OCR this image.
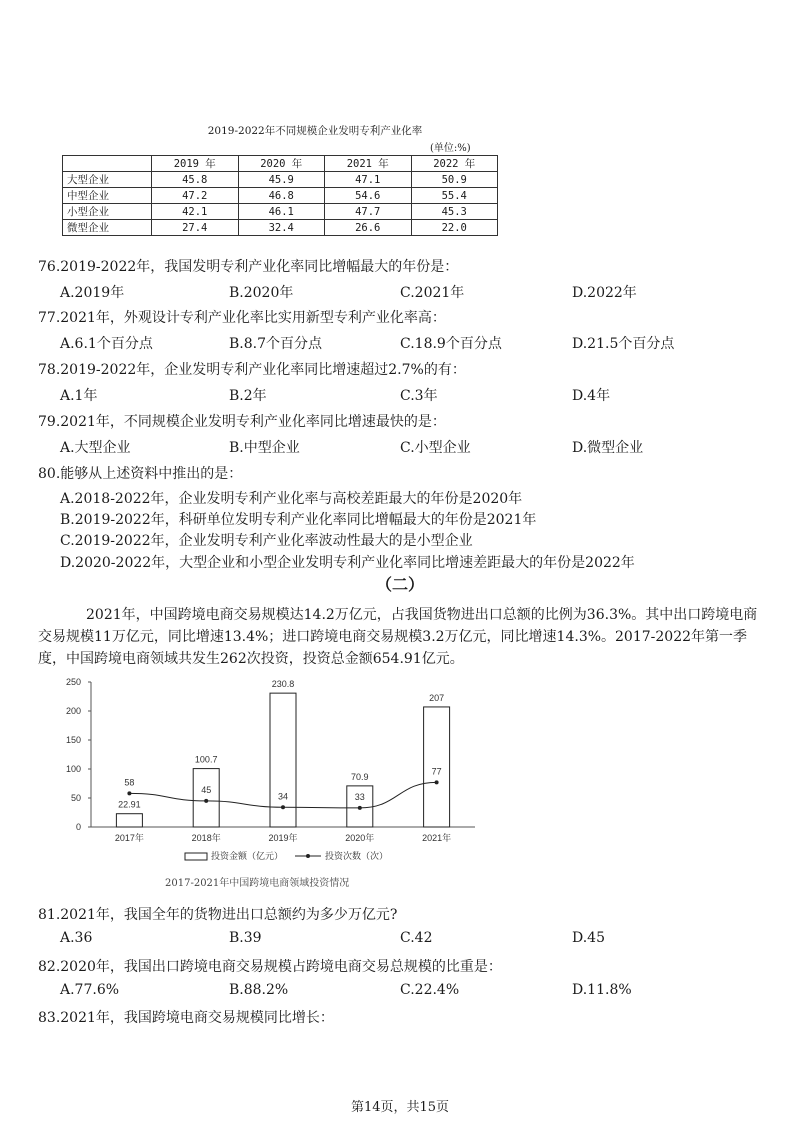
2019-2022年不同规模企业发明专利产业化率
(单位:%)
	2019 年	2020 年	2021 年	2022 年
大型企业	45.8	45.9	47.1	50.9
中型企业	47.2	46.8	54.6	55.4
小型企业	42.1	46.1	47.7	45.3
微型企业	27.4	32.4	26.6	22.0
76.2019-2022年，我国发明专利产业化率同比增幅最大的年份是：
A.2019年	B.2020年	C.2021年	D.2022年
77.2021年，外观设计专利产业化率比实用新型专利产业化率高：
A.6.1个百分点	B.8.7个百分点	C.18.9个百分点	D.21.5个百分点
78.2019-2022年，企业发明专利产业化率同比增速超过2.7%的有：
A.1年	B.2年	C.3年	D.4年
79.2021年，不同规模企业发明专利产业化率同比增速最快的是：
A.大型企业	B.中型企业	C.小型企业	D.微型企业
80.能够从上述资料中推出的是：
A.2018-2022年，企业发明专利产业化率与高校差距最大的年份是2020年
B.2019-2022年，科研单位发明专利产业化率同比增幅最大的年份是2021年
C.2019-2022年，企业发明专利产业化率波动性最大的是小型企业
D.2020-2022年，大型企业和小型企业发明专利产业化率同比增速差距最大的年份是2022年
（二）
2021年，中国跨境电商交易规模达14.2万亿元，占我国货物进出口总额的比例为36.3%。其中出口跨境电商
交易规模11万亿元，同比增速13.4%；进口跨境电商交易规模3.2万亿元，同比增速14.3%。2017-2022年第一季
度，中国跨境电商领域共发生262次投资，投资总金额654.91亿元。
0
50
100
150
200
250
2017年	2018年	2019年	2020年	2021年
22.91
100.7
230.8
70.9
207
58
45
34	33
77
投资金额（亿元）	投资次数（次）
2017-2021年中国跨境电商领域投资情况
81.2021年，我国全年的货物进出口总额约为多少万亿元?
A.36	B.39	C.42	D.45
82.2020年，我国出口跨境电商交易规模占跨境电商交易总规模的比重是：
A.77.6%	B.88.2%	C.22.4%	D.11.8%
83.2021年，我国跨境电商交易规模同比增长：
第14页，共15页
